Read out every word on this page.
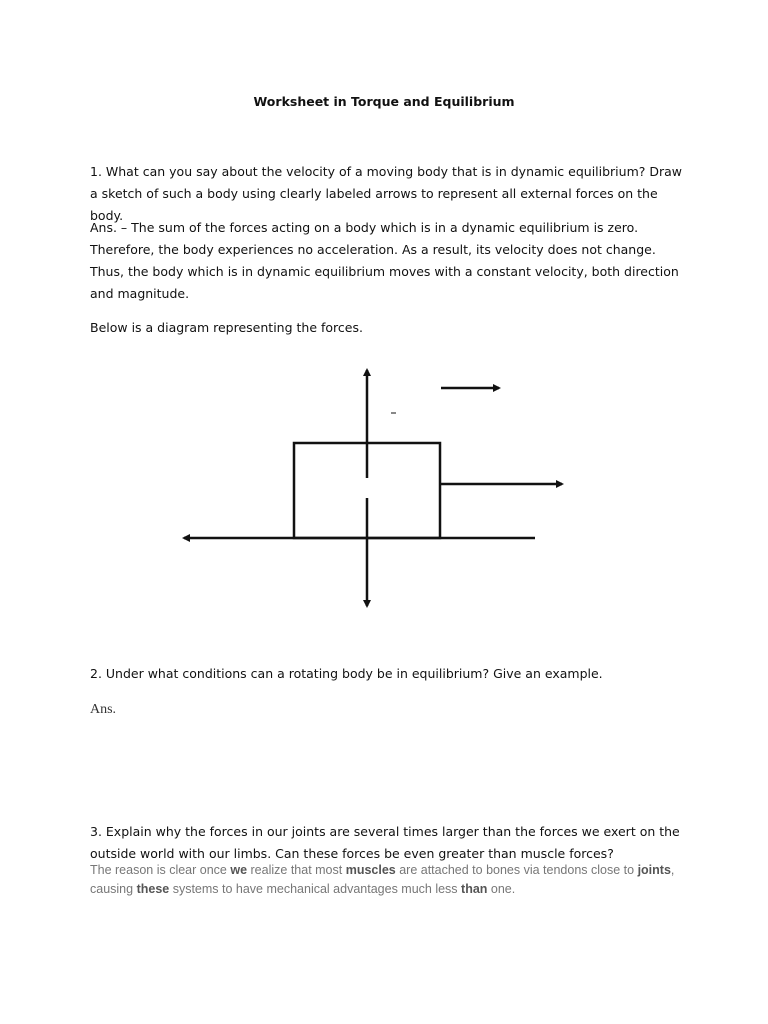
Worksheet in Torque and Equilibrium

1. What can you say about the velocity of a moving body that is in dynamic equilibrium? Draw a sketch of such a body using clearly labeled arrows to represent all external forces on the body.

Ans. – The sum of the forces acting on a body which is in a dynamic equilibrium is zero. Therefore, the body experiences no acceleration. As a result, its velocity does not change. Thus, the body which is in dynamic equilibrium moves with a constant velocity, both direction and magnitude.

Below is a diagram representing the forces.

2. Under what conditions can a rotating body be in equilibrium? Give an example.

Ans.

3. Explain why the forces in our joints are several times larger than the forces we exert on the outside world with our limbs. Can these forces be even greater than muscle forces?

The reason is clear once we realize that most muscles are attached to bones via tendons close to joints, causing these systems to have mechanical advantages much less than one.
